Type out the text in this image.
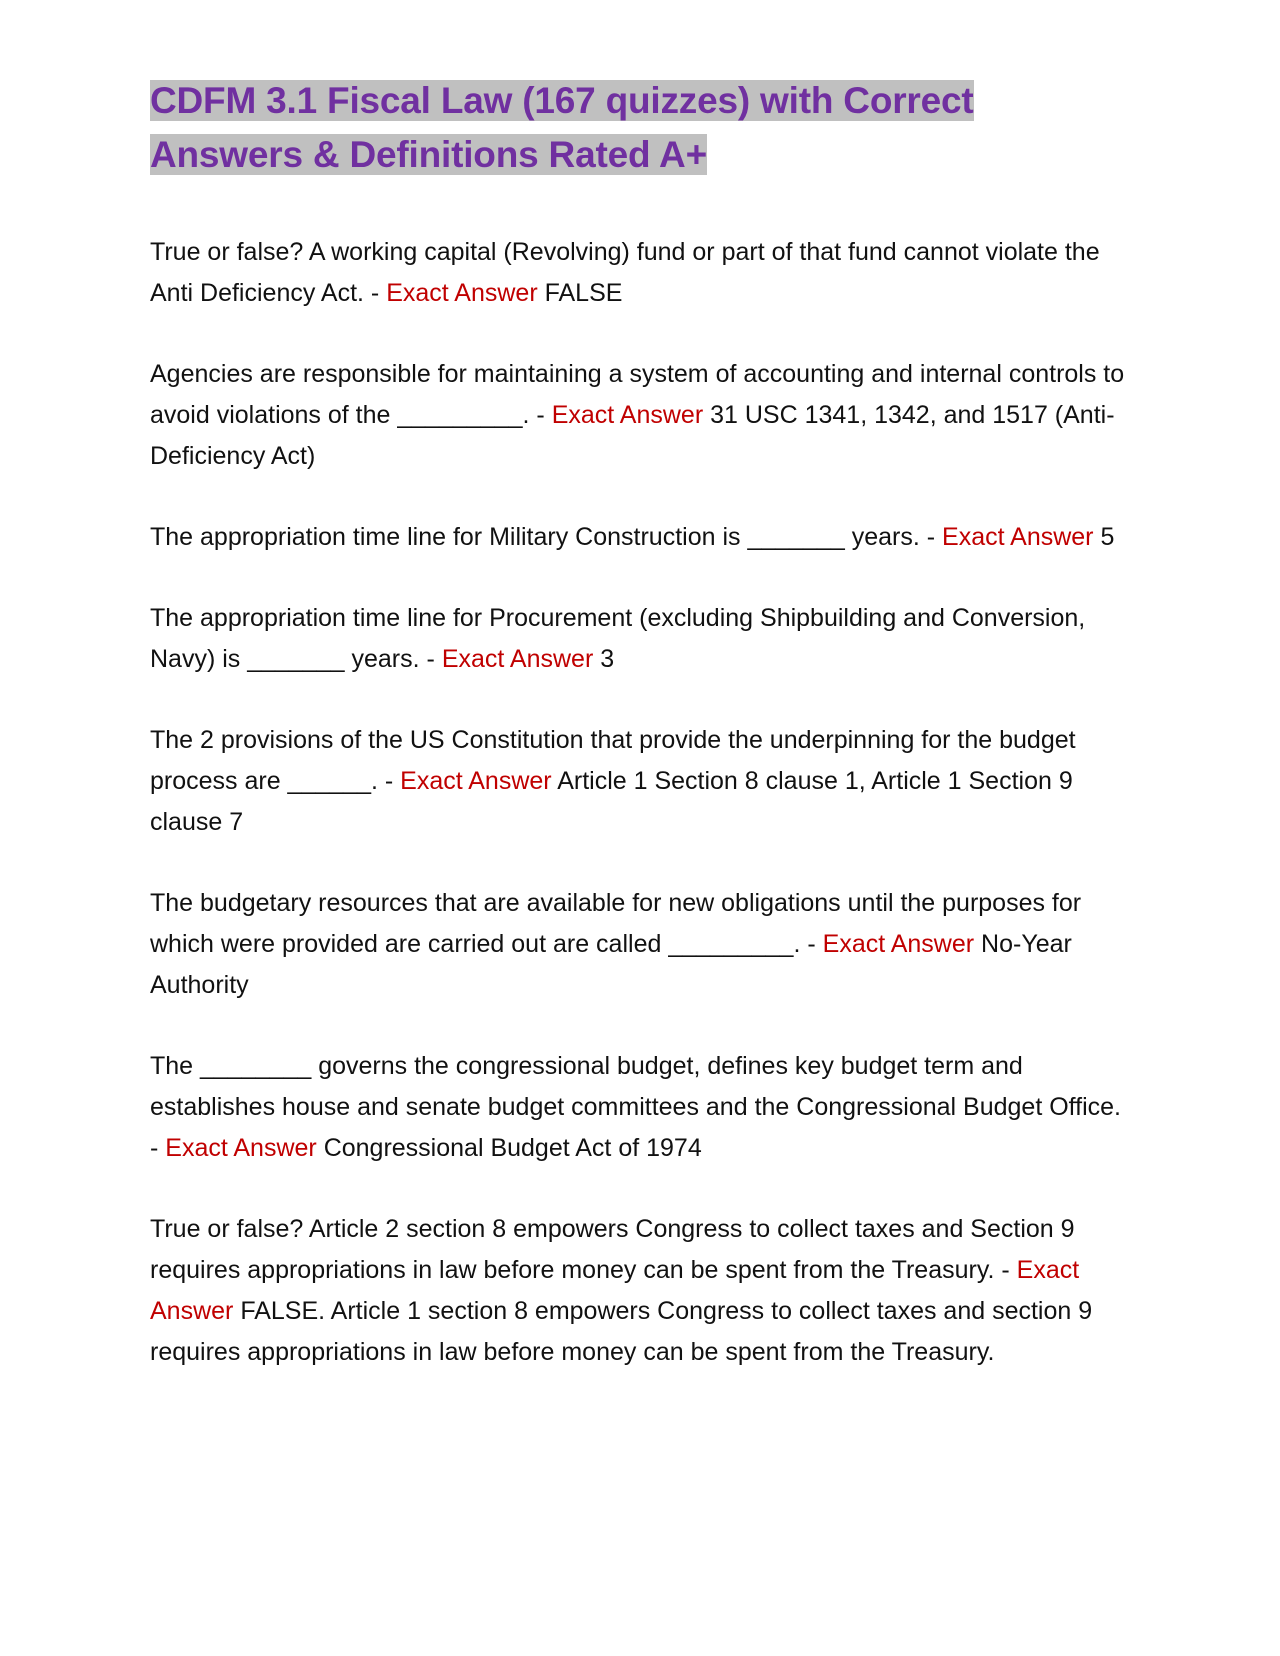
CDFM 3.1 Fiscal Law (167 quizzes) with Correct Answers & Definitions Rated A+

True or false? A working capital (Revolving) fund or part of that fund cannot violate the Anti Deficiency Act. - Exact Answer FALSE

Agencies are responsible for maintaining a system of accounting and internal controls to avoid violations of the _________. - Exact Answer 31 USC 1341, 1342, and 1517 (Anti-Deficiency Act)

The appropriation time line for Military Construction is _______ years. - Exact Answer 5

The appropriation time line for Procurement (excluding Shipbuilding and Conversion, Navy) is _______ years. - Exact Answer 3

The 2 provisions of the US Constitution that provide the underpinning for the budget process are ______. - Exact Answer Article 1 Section 8 clause 1, Article 1 Section 9 clause 7

The budgetary resources that are available for new obligations until the purposes for which were provided are carried out are called _________. - Exact Answer No-Year Authority

The ________ governs the congressional budget, defines key budget term and establishes house and senate budget committees and the Congressional Budget Office. - Exact Answer Congressional Budget Act of 1974

True or false? Article 2 section 8 empowers Congress to collect taxes and Section 9 requires appropriations in law before money can be spent from the Treasury. - Exact Answer FALSE. Article 1 section 8 empowers Congress to collect taxes and section 9 requires appropriations in law before money can be spent from the Treasury.
